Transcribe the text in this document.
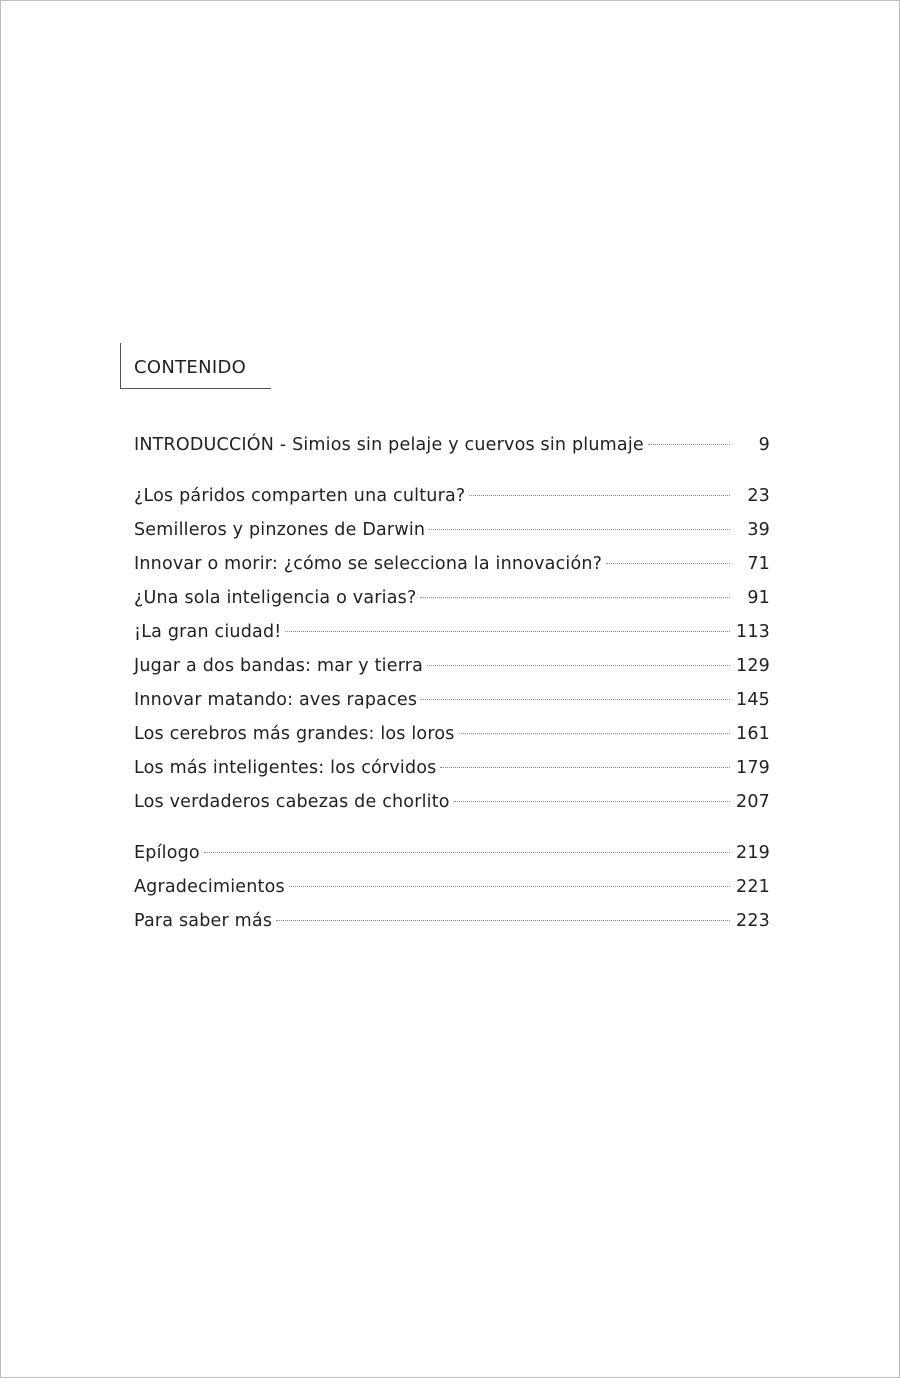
CONTENIDO
INTRODUCCIÓN - Simios sin pelaje y cuervos sin plumaje	9
¿Los páridos comparten una cultura?	23
Semilleros y pinzones de Darwin	39
Innovar o morir: ¿cómo se selecciona la innovación?	71
¿Una sola inteligencia o varias?	91
¡La gran ciudad!	113
Jugar a dos bandas: mar y tierra	129
Innovar matando: aves rapaces	145
Los cerebros más grandes: los loros	161
Los más inteligentes: los córvidos	179
Los verdaderos cabezas de chorlito	207
Epílogo	219
Agradecimientos	221
Para saber más	223
